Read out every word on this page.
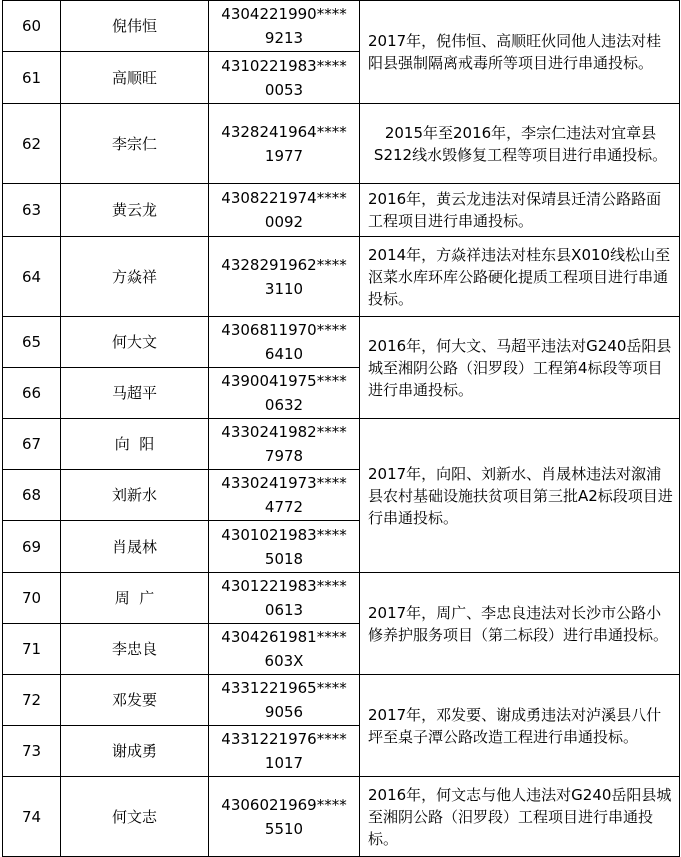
60	倪伟恒	4304221990****
9213	2017年，倪伟恒、高顺旺伙同他人违法对桂阳县强制隔离戒毒所等项目进行串通投标。
61	高顺旺	4310221983****
0053	

62	李宗仁	4328241964****
1977	2015年至2016年，李宗仁违法对宜章县S212线水毁修复工程等项目进行串通投标。
63	黄云龙	4308221974****
0092	2016年，黄云龙违法对保靖县迁清公路路面工程项目进行串通投标。
64	方焱祥	4328291962****
3110	2014年，方焱祥违法对桂东县X010线松山至沤菜水库环库公路硬化提质工程项目进行串通投标。
65	何大文	4306811970****
6410	2016年，何大文、马超平违法对G240岳阳县城至湘阴公路（汨罗段）工程第4标段等项目进行串通投标。
66	马超平	4390041975****
0632	

67	向  阳	4330241982****
7978	2017年，向阳、刘新水、肖晟林违法对溆浦县农村基础设施扶贫项目第三批A2标段项目进行串通投标。
68	刘新水	4330241973****
4772	

69	肖晟林	4301021983****
5018	

70	周  广	4301221983****
0613	2017年，周广、李忠良违法对长沙市公路小修养护服务项目（第二标段）进行串通投标。
71	李忠良	4304261981****
603X	

72	邓发要	4331221965****
9056	2017年，邓发要、谢成勇违法对泸溪县八什坪至桌子潭公路改造工程进行串通投标。
73	谢成勇	4331221976****
1017	

74	何文志	4306021969****
5510	2016年，何文志与他人违法对G240岳阳县城至湘阴公路（汨罗段）工程项目进行串通投标。
